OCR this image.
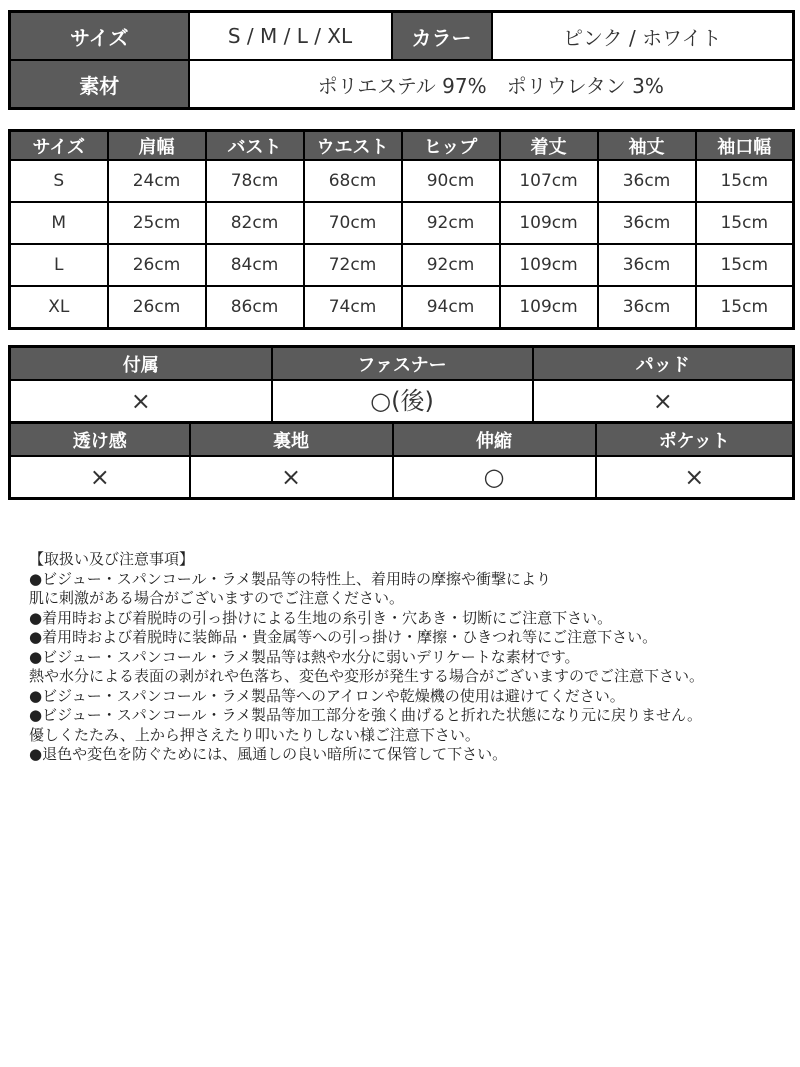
サイズ	S / M / L / XL	カラー	ピンク / ホワイト
素材	ポリエステル 97%　ポリウレタン 3%		
サイズ	肩幅	バスト	ウエスト	ヒップ	着丈	袖丈	袖口幅
S	24cm	78cm	68cm	90cm	107cm	36cm	15cm
M	25cm	82cm	70cm	92cm	109cm	36cm	15cm
L	26cm	84cm	72cm	92cm	109cm	36cm	15cm
XL	26cm	86cm	74cm	94cm	109cm	36cm	15cm
付属	ファスナー	パッド
×	○(後)	×
透け感	裏地	伸縮	ポケット
×	×	○	×
【取扱い及び注意事項】
●ビジュー・スパンコール・ラメ製品等の特性上、着用時の摩擦や衝撃により
肌に刺激がある場合がございますのでご注意ください。
●着用時および着脱時の引っ掛けによる生地の糸引き・穴あき・切断にご注意下さい。
●着用時および着脱時に装飾品・貴金属等への引っ掛け・摩擦・ひきつれ等にご注意下さい。
●ビジュー・スパンコール・ラメ製品等は熱や水分に弱いデリケートな素材です。
熱や水分による表面の剥がれや色落ち、変色や変形が発生する場合がございますのでご注意下さい。
●ビジュー・スパンコール・ラメ製品等へのアイロンや乾燥機の使用は避けてください。
●ビジュー・スパンコール・ラメ製品等加工部分を強く曲げると折れた状態になり元に戻りません。
優しくたたみ、上から押さえたり叩いたりしない様ご注意下さい。
●退色や変色を防ぐためには、風通しの良い暗所にて保管して下さい。
